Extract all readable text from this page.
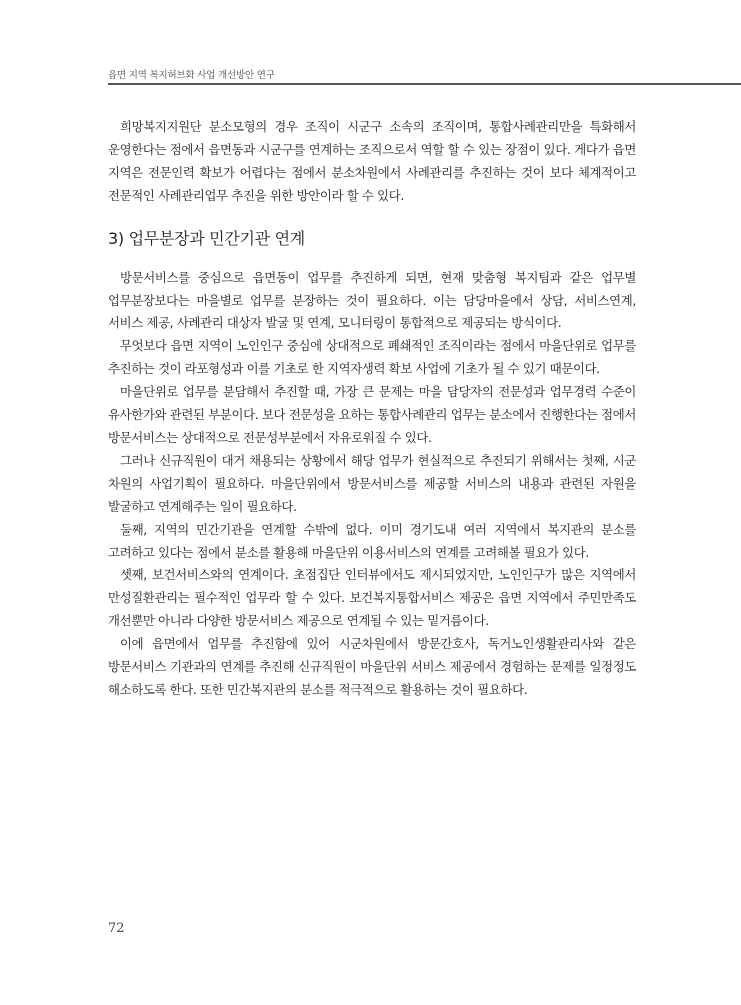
읍면 지역 복지허브화 사업 개선방안 연구

희망복지지원단 분소모형의 경우 조직이 시군구 소속의 조직이며, 통합사례관리만을 특화해서 운영한다는 점에서 읍면동과 시군구를 연계하는 조직으로서 역할 할 수 있는 장점이 있다. 게다가 읍면 지역은 전문인력 확보가 어렵다는 점에서 분소차원에서 사례관리를 추진하는 것이 보다 체계적이고 전문적인 사례관리업무 추진을 위한 방안이라 할 수 있다.

3) 업무분장과 민간기관 연계

방문서비스를 중심으로 읍면동이 업무를 추진하게 되면, 현재 맞춤형 복지팀과 같은 업무별 업무분장보다는 마을별로 업무를 분장하는 것이 필요하다. 이는 담당마을에서 상담, 서비스연계, 서비스 제공, 사례관리 대상자 발굴 및 연계, 모니터링이 통합적으로 제공되는 방식이다.

무엇보다 읍면 지역이 노인인구 중심에 상대적으로 폐쇄적인 조직이라는 점에서 마을단위로 업무를 추진하는 것이 라포형성과 이를 기초로 한 지역자생력 확보 사업에 기초가 될 수 있기 때문이다.

마을단위로 업무를 분담해서 추진할 때, 가장 큰 문제는 마을 담당자의 전문성과 업무경력 수준이 유사한가와 관련된 부분이다. 보다 전문성을 요하는 통합사례관리 업무는 분소에서 진행한다는 점에서 방문서비스는 상대적으로 전문성부분에서 자유로워질 수 있다.

그러나 신규직원이 대거 채용되는 상황에서 해당 업무가 현실적으로 추진되기 위해서는 첫째, 시군 차원의 사업기획이 필요하다. 마을단위에서 방문서비스를 제공할 서비스의 내용과 관련된 자원을 발굴하고 연계해주는 일이 필요하다.

둘째, 지역의 민간기관을 연계할 수밖에 없다. 이미 경기도내 여러 지역에서 복지관의 분소를 고려하고 있다는 점에서 분소를 활용해 마을단위 이용서비스의 연계를 고려해볼 필요가 있다.

셋째, 보건서비스와의 연계이다. 초점집단 인터뷰에서도 제시되었지만, 노인인구가 많은 지역에서 만성질환관리는 필수적인 업무라 할 수 있다. 보건복지통합서비스 제공은 읍면 지역에서 주민만족도 개선뿐만 아니라 다양한 방문서비스 제공으로 연계될 수 있는 밑거름이다.

이에 읍면에서 업무를 추진함에 있어 시군차원에서 방문간호사, 독거노인생활관리사와 같은 방문서비스 기관과의 연계를 추진해 신규직원이 마을단위 서비스 제공에서 경험하는 문제를 일정정도 해소하도록 한다. 또한 민간복지관의 분소를 적극적으로 활용하는 것이 필요하다.

72
